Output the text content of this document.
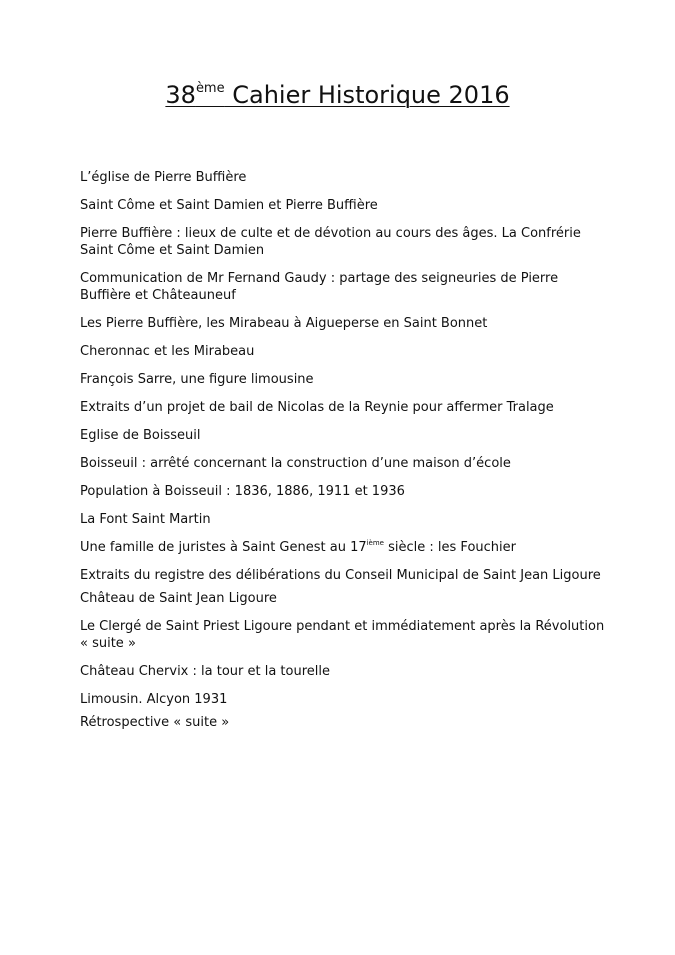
38ème Cahier Historique 2016
L’église de Pierre Buffière
Saint Côme et Saint Damien et Pierre Buffière
Pierre Buffière : lieux de culte et de dévotion au cours des âges. La Confrérie Saint Côme et Saint Damien
Communication de Mr Fernand Gaudy : partage des seigneuries de Pierre Buffière et Châteauneuf
Les Pierre Buffière, les Mirabeau à Aigueperse en Saint Bonnet
Cheronnac et les Mirabeau
François Sarre, une figure limousine
Extraits d’un projet de bail de Nicolas de la Reynie pour affermer Tralage
Eglise de Boisseuil
Boisseuil : arrêté concernant la construction d’une maison d’école
Population à Boisseuil : 1836, 1886, 1911 et 1936
La Font Saint Martin
Une famille de juristes à Saint Genest au 17ième siècle : les Fouchier
Extraits du registre des délibérations du Conseil Municipal de Saint Jean Ligoure
Château de Saint Jean Ligoure
Le Clergé de Saint Priest Ligoure pendant et immédiatement après la Révolution « suite »
Château Chervix : la tour et la tourelle
Limousin. Alcyon 1931
Rétrospective « suite »
